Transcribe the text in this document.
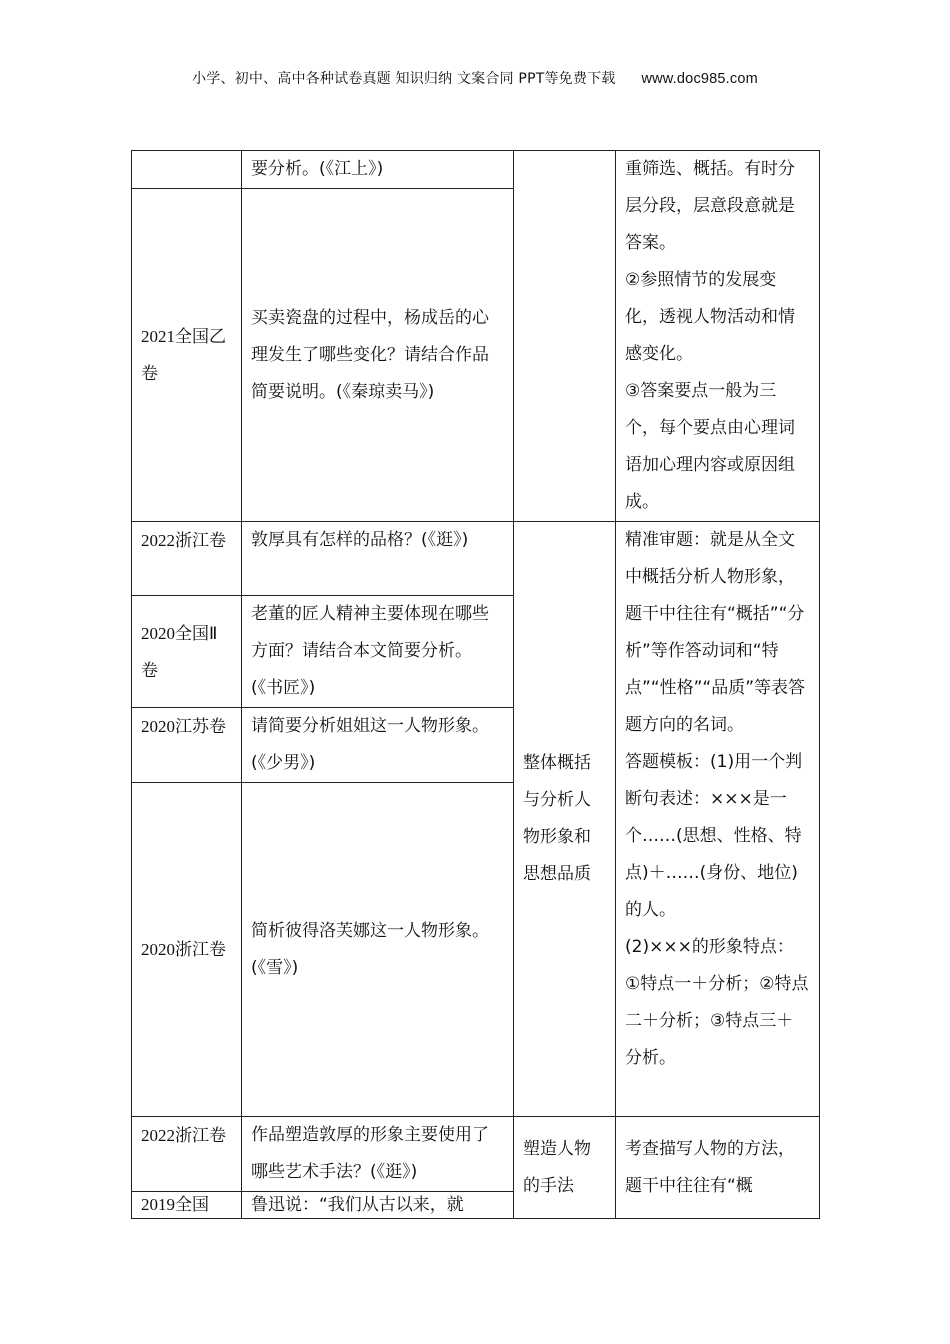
小学、初中、高中各种试卷真题 知识归纳 文案合同 PPT等免费下载 www.doc985.com
	要分析。(《江上》)		重筛选、概括。有时分层分段，层意段意就是答案。
②参照情节的发展变化，透视人物活动和情感变化。
③答案要点一般为三个，每个要点由心理词语加心理内容或原因组成。
2021全国乙卷	买卖瓷盘的过程中，杨成岳的心理发生了哪些变化？请结合作品简要说明。(《秦琼卖马》)		
2022浙江卷	敦厚具有怎样的品格？(《逛》)	整体概括与分析人物形象和思想品质	精准审题：就是从全文中概括分析人物形象，题干中往往有“概括”“分析”等作答动词和“特点”“性格”“品质”等表答题方向的名词。
答题模板：(1)用一个判断句表述：×××是一个……(思想、性格、特点)＋……(身份、地位)的人。
(2)×××的形象特点：
①特点一＋分析；②特点二＋分析；③特点三＋分析。
2020全国Ⅱ卷	老董的匠人精神主要体现在哪些方面？请结合本文简要分析。(《书匠》)		
2020江苏卷	请简要分析姐姐这一人物形象。(《少男》)		
2020浙江卷	简析彼得洛芙娜这一人物形象。(《雪》)		
2022浙江卷	作品塑造敦厚的形象主要使用了哪些艺术手法？(《逛》)	塑造人物的手法	考查描写人物的方法，题干中往往有“概
2019全国	鲁迅说：“我们从古以来，就		
